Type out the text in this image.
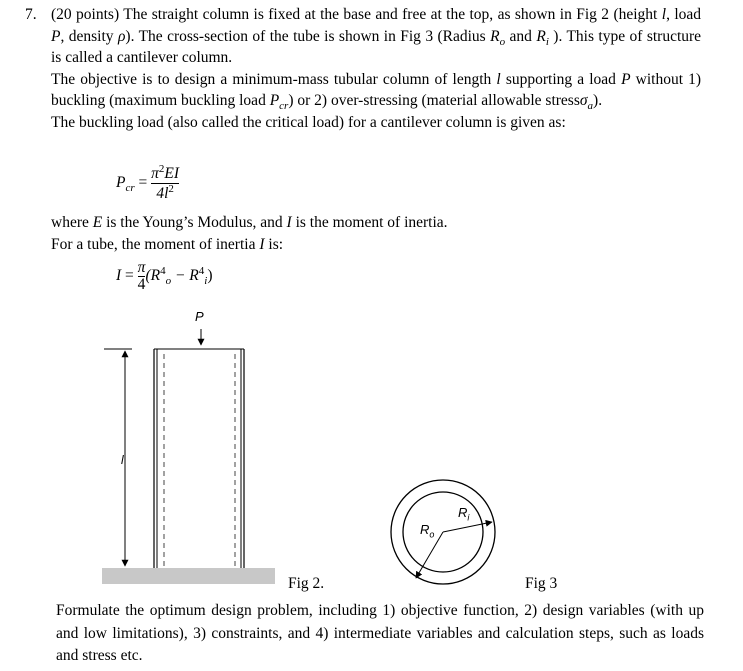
7. (20 points) The straight column is fixed at the base and free at the top, as shown in Fig 2 (height l, load P, density ρ). The cross-section of the tube is shown in Fig 3 (Radius $R_o$ and $R_i$ ). This type of structure is called a cantilever column.
The objective is to design a minimum-mass tubular column of length l supporting a load P without 1) buckling (maximum buckling load $P_{cr}$) or 2) over-stressing (material allowable stressσ$_a$).
The buckling load (also called the critical load) for a cantilever column is given as:
$P_{cr} = \frac{\pi^2EI}{4l^2}$
where E is the Young’s Modulus, and I is the moment of inertia.
For a tube, the moment of inertia I is:
$I = \frac{\pi}{4} (R^4_o - R^4_i)$
P
l
Fig 2.
$R_i$
$R_o$
Fig 3
Formulate the optimum design problem, including 1) objective function, 2) design variables (with up and low limitations), 3) constraints, and 4) intermediate variables and calculation steps, such as loads and stress etc.
